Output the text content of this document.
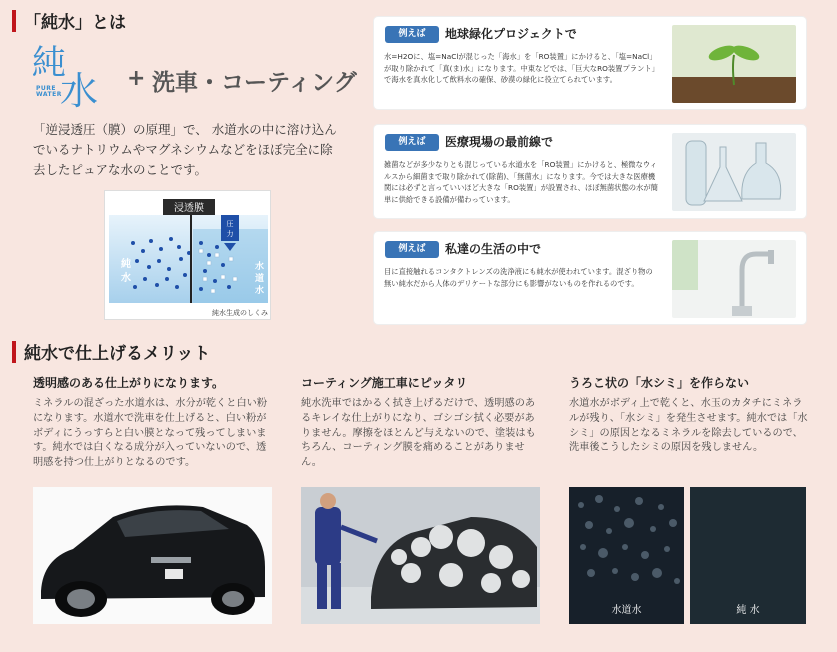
「純水」とは
純
水
PURE
WATER
+ 洗車・コーティング

「逆浸透圧（膜）の原理」で、 水道水の中に溶け込んでいるナトリウムやマグネシウムなどをほぼ完全に除去したピュアな水のことです。

浸透膜
圧
力
純
水
水
道
水
純水生成のしくみ
例えば	地球緑化プロジェクトで

水=H2Oに、塩=NaClが混じった「海水」を「RO装置」にかけると、「塩=NaCl」が取り除かれて「真(ま)水」になります。中東などでは、「巨大なRO装置プラント」で海水を真水化して飲料水の確保、砂漠の緑化に役立てられています。

例えば	医療現場の最前線で

雑菌などが多少なりとも混じっている水道水を「RO装置」にかけると、極微なウィルスから細菌まで取り除かれて(除菌)、「無菌水」になります。今では大きな医療機関には必ずと言っていいほど大きな「RO装置」が設置され、ほぼ無菌状態の水が簡単に供給できる設備が備わっています。

例えば	私達の生活の中で

目に直接触れるコンタクトレンズの洗浄液にも純水が使われています。混ざり物の無い純水だから人体のデリケートな部分にも影響がないものを作れるのです。

純水で仕上げるメリット
透明感のある仕上がりになります。

ミネラルの混ざった水道水は、水分が乾くと白い粉になります。水道水で洗車を仕上げると、白い粉がボディにうっすらと白い膜となって残ってしまいます。純水では白くなる成分が入っていないので、透明感を持つ仕上がりとなるのです。

コーティング施工車にピッタリ

純水洗車ではかるく拭き上げるだけで、透明感のあるキレイな仕上がりになり、ゴシゴシ拭く必要がありません。摩擦をほとんど与えないので、塗装はもちろん、コーティング膜を痛めることがありません。

うろこ状の「水シミ」を作らない

水道水がボディ上で乾くと、水玉のカタチにミネラルが残り、「水シミ」を発生させます。純水では「水シミ」の原因となるミネラルを除去しているので、洗車後こうしたシミの原因を残しません。

水道水	純 水
